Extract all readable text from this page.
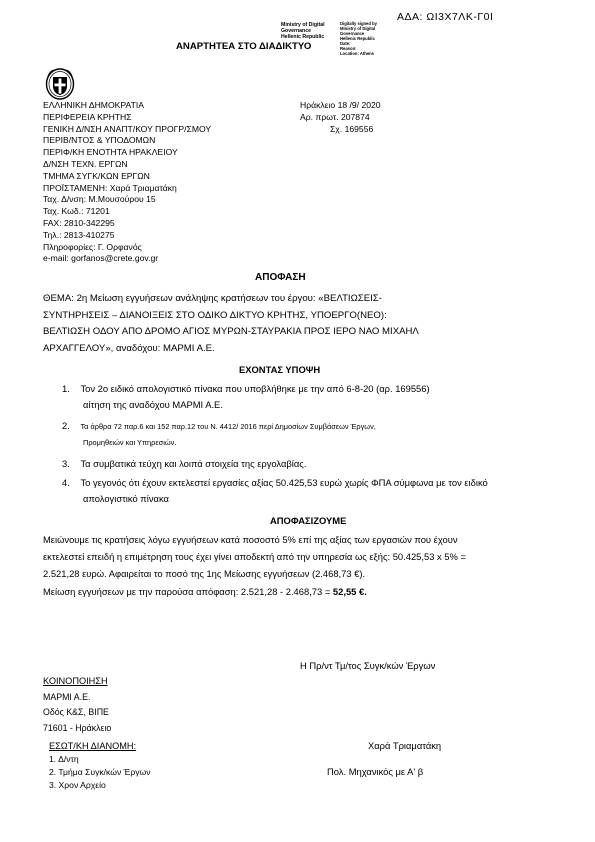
ΑΔΑ: ΩΙ3Χ7ΛΚ-Γ0Ι
Ministry of Digital
Governance
Hellenic Republic
Digitally signed by
Ministry of Digital
Governance
Hellenic Republic
Date:
Reason:
Location: Athens
ΑΝΑΡΤΗΤΕΑ ΣΤΟ ΔΙΑΔΙΚΤΥΟ
ΕΛΛΗΝΙΚΗ ΔΗΜΟΚΡΑΤΙΑ
ΠΕΡΙΦΕΡΕΙΑ ΚΡΗΤΗΣ
ΓΕΝΙΚΗ Δ/ΝΣΗ ΑΝΑΠΤ/ΚΟΥ ΠΡΟΓΡ/ΣΜΟΥ
ΠΕΡΙΒ/ΝΤΟΣ & ΥΠΟΔΟΜΩΝ
ΠΕΡΙΦ/ΚΗ ΕΝΟΤΗΤΑ ΗΡΑΚΛΕΙΟΥ
Δ/ΝΣΗ ΤΕΧΝ. ΕΡΓΩΝ
ΤΜΗΜΑ ΣΥΓΚ/ΚΩΝ ΕΡΓΩΝ
ΠΡΟΪΣΤΑΜΕΝΗ: Χαρά Τριαματάκη
Ταχ. Δ/νση: Μ.Μουσούρου 15
Ταχ. Κωδ.: 71201
FAX: 2810-342295
Τηλ.: 2813-410275
Πληροφορίες: Γ. Ορφανός
e-mail: gorfanos@crete.gov.gr
Ηράκλειο 18 /9/ 2020
Αρ. πρωτ. 207874
Σχ. 169556
ΑΠΟΦΑΣΗ
ΘΕΜΑ: 2η Μείωση εγγυήσεων ανάληψης κρατήσεων του έργου: «ΒΕΛΤΙΩΣΕΙΣ-
ΣΥΝΤΗΡΗΣΕΙΣ – ΔΙΑΝΟΙΞΕΙΣ ΣΤΟ ΟΔΙΚΟ ΔΙΚΤΥΟ ΚΡΗΤΗΣ, ΥΠΟΕΡΓΟ(ΝΕΟ):
ΒΕΛΤΙΩΣΗ ΟΔΟΥ ΑΠΟ ΔΡΟΜΟ ΑΓΙΟΣ ΜΥΡΩΝ-ΣΤΑΥΡΑΚΙΑ ΠΡΟΣ ΙΕΡΟ ΝΑΟ ΜΙΧΑΗΛ
ΑΡΧΑΓΓΕΛΟΥ», αναδόχου: ΜΑΡΜΙ Α.Ε.
ΕΧΟΝΤΑΣ ΥΠΟΨΗ
1. Τον 2ο ειδικό απολογιστικό πίνακα που υποβλήθηκε με την από 6-8-20 (αρ. 169556)
αίτηση της αναδόχου ΜΑΡΜΙ Α.Ε.
2. Τα άρθρα 72 παρ.6 και 152 παρ.12 του Ν. 4412/ 2016 περί Δημοσίων Συμβάσεων Έργων,
Προμηθειών και Υπηρεσιών.
3. Τα συμβατικά τεύχη και λοιπά στοιχεία της εργολαβίας.
4. Το γεγονός ότι έχουν εκτελεστεί εργασίες αξίας 50.425,53 ευρώ χωρίς ΦΠΑ σύμφωνα με τον ειδικό
απολογιστικό πίνακα
ΑΠΟΦΑΣΙΖΟΥΜΕ
Μειώνουμε τις κρατήσεις λόγω εγγυήσεων κατά ποσοστό 5% επί της αξίας των εργασιών που έχουν
εκτελεστεί επειδή η επιμέτρηση τους έχει γίνει αποδεκτή από την υπηρεσία ως εξής: 50.425,53 x 5% =
2.521,28 ευρώ. Αφαιρείται το ποσό της 1ης Μείωσης εγγυήσεων (2.468,73 €).
Μείωση εγγυήσεων με την παρούσα απόφαση: 2.521,28 - 2.468,73 = 52,55 €.
Η Πρ/ντ Τμ/τος Συγκ/κών Έργων
ΚΟΙΝΟΠΟΙΗΣΗ
ΜΑΡΜΙ Α.Ε.
Οδός Κ&Σ, ΒΙΠΕ
71601 - Ηράκλειο
Χαρά Τριαματάκη
Πολ. Μηχανικός με Α' β
ΕΣΩΤ/ΚΗ ΔΙΑΝΟΜΗ:
1. Δ/ντη
2. Τμήμα Συγκ/κών Έργων
3. Χρον Αρχείο
